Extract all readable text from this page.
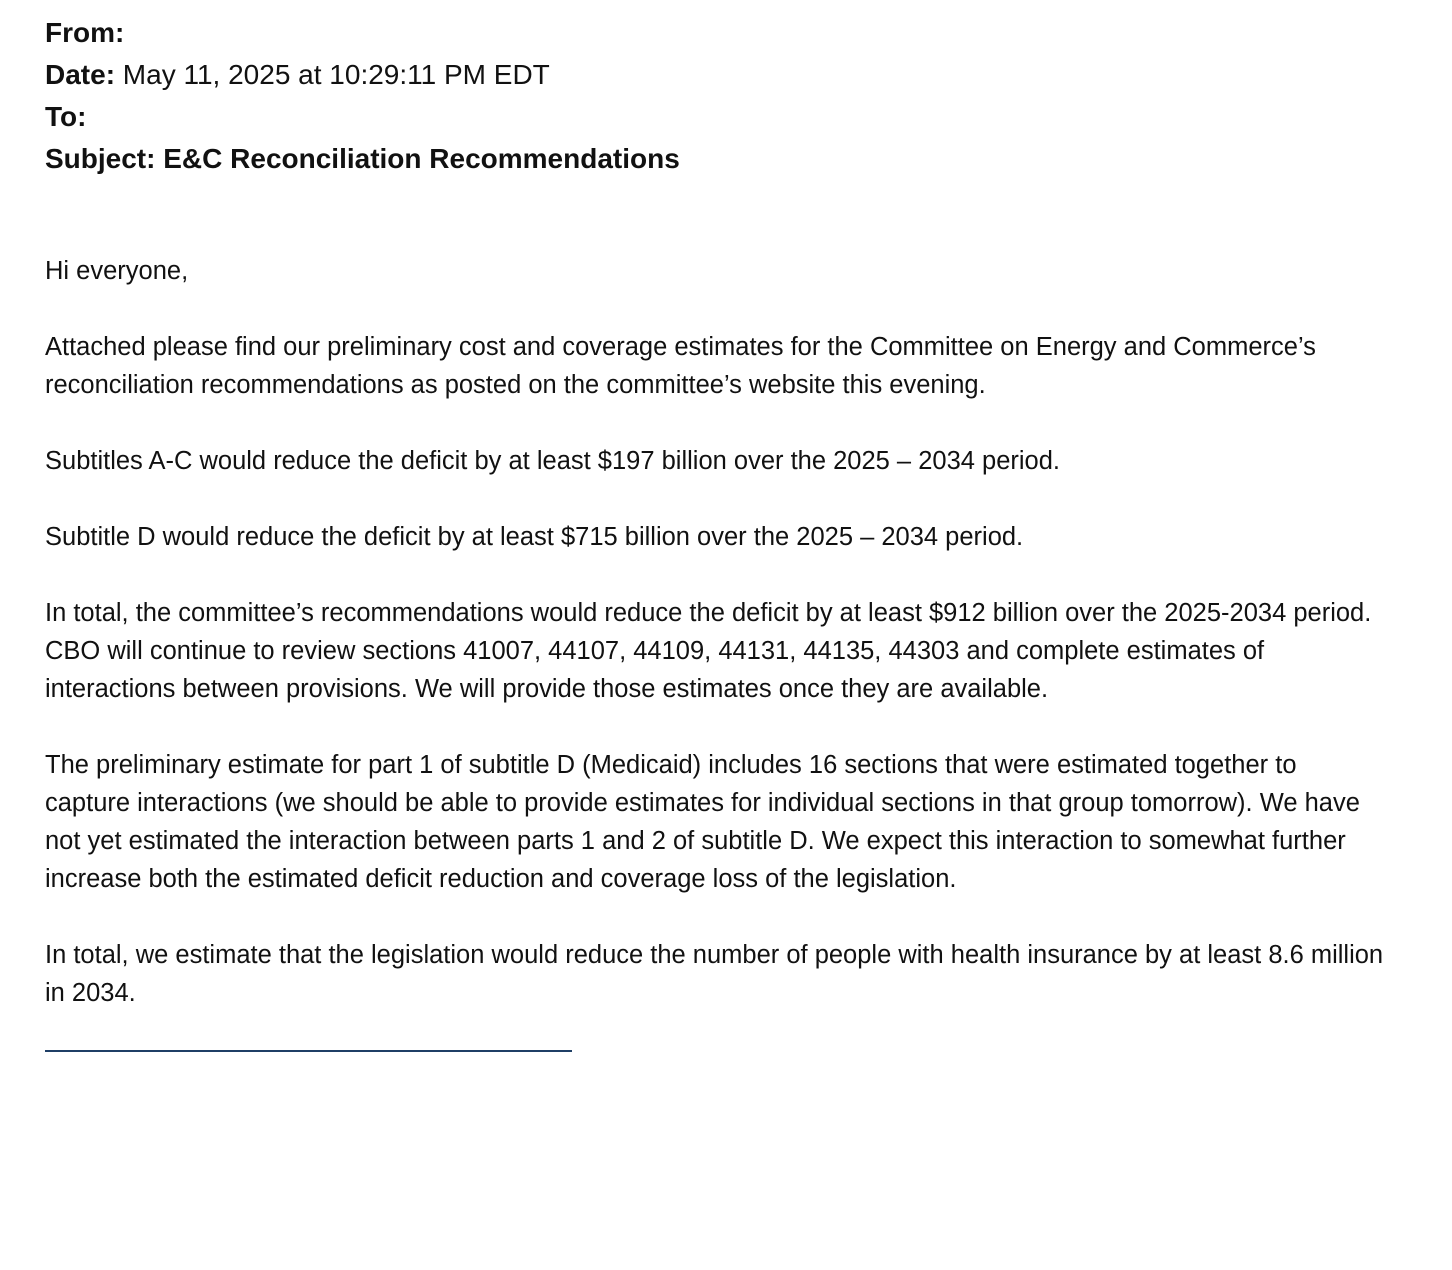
From:

Date: May 11, 2025 at 10:29:11 PM EDT

To:

Subject: E&C Reconciliation Recommendations

Hi everyone,

Attached please find our preliminary cost and coverage estimates for the Committee on Energy and Commerce’s reconciliation recommendations as posted on the committee’s website this evening.

Subtitles A-C would reduce the deficit by at least $197 billion over the 2025 – 2034 period.

Subtitle D would reduce the deficit by at least $715 billion over the 2025 – 2034 period.

In total, the committee’s recommendations would reduce the deficit by at least $912 billion over the 2025-2034 period. CBO will continue to review sections 41007, 44107, 44109, 44131, 44135, 44303 and complete estimates of interactions between provisions. We will provide those estimates once they are available.

The preliminary estimate for part 1 of subtitle D (Medicaid) includes 16 sections that were estimated together to capture interactions (we should be able to provide estimates for individual sections in that group tomorrow). We have not yet estimated the interaction between parts 1 and 2 of subtitle D. We expect this interaction to somewhat further increase both the estimated deficit reduction and coverage loss of the legislation.

In total, we estimate that the legislation would reduce the number of people with health insurance by at least 8.6 million in 2034.
